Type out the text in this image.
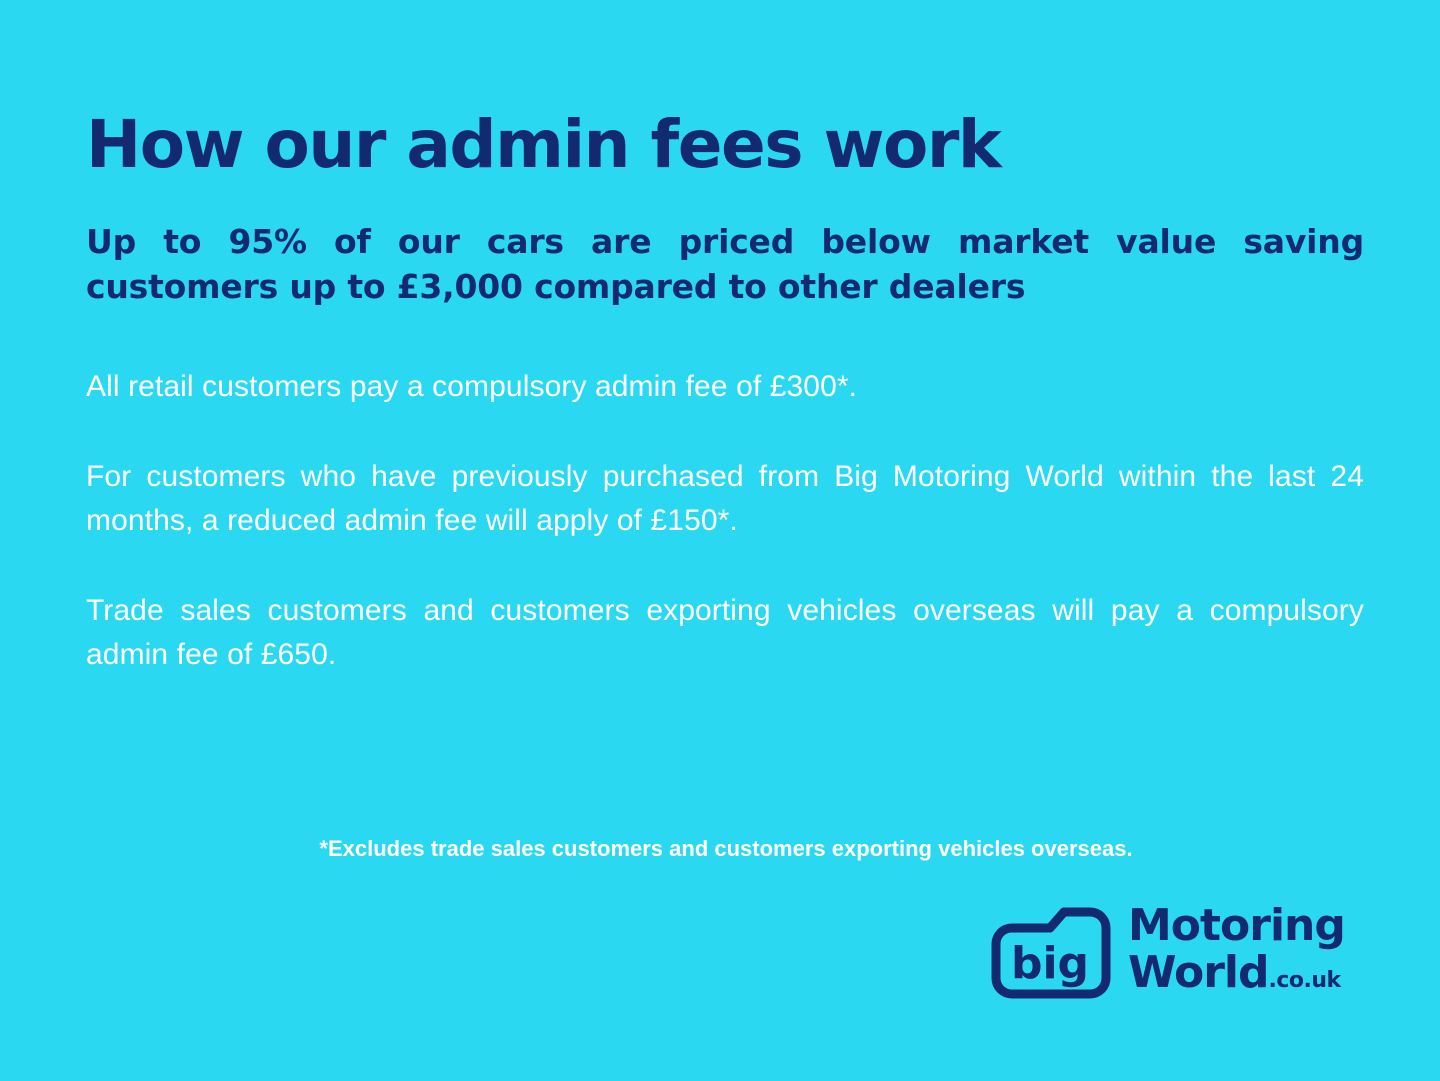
How our admin fees work

Up to 95% of our cars are priced below market value saving customers up to £3,000 compared to other dealers

All retail customers pay a compulsory admin fee of £300*.

For customers who have previously purchased from Big Motoring World within the last 24 months, a reduced admin fee will apply of £150*.

Trade sales customers and customers exporting vehicles overseas will pay a compulsory admin fee of £650.

*Excludes trade sales customers and customers exporting vehicles overseas.
big
Motoring
World.co.uk
